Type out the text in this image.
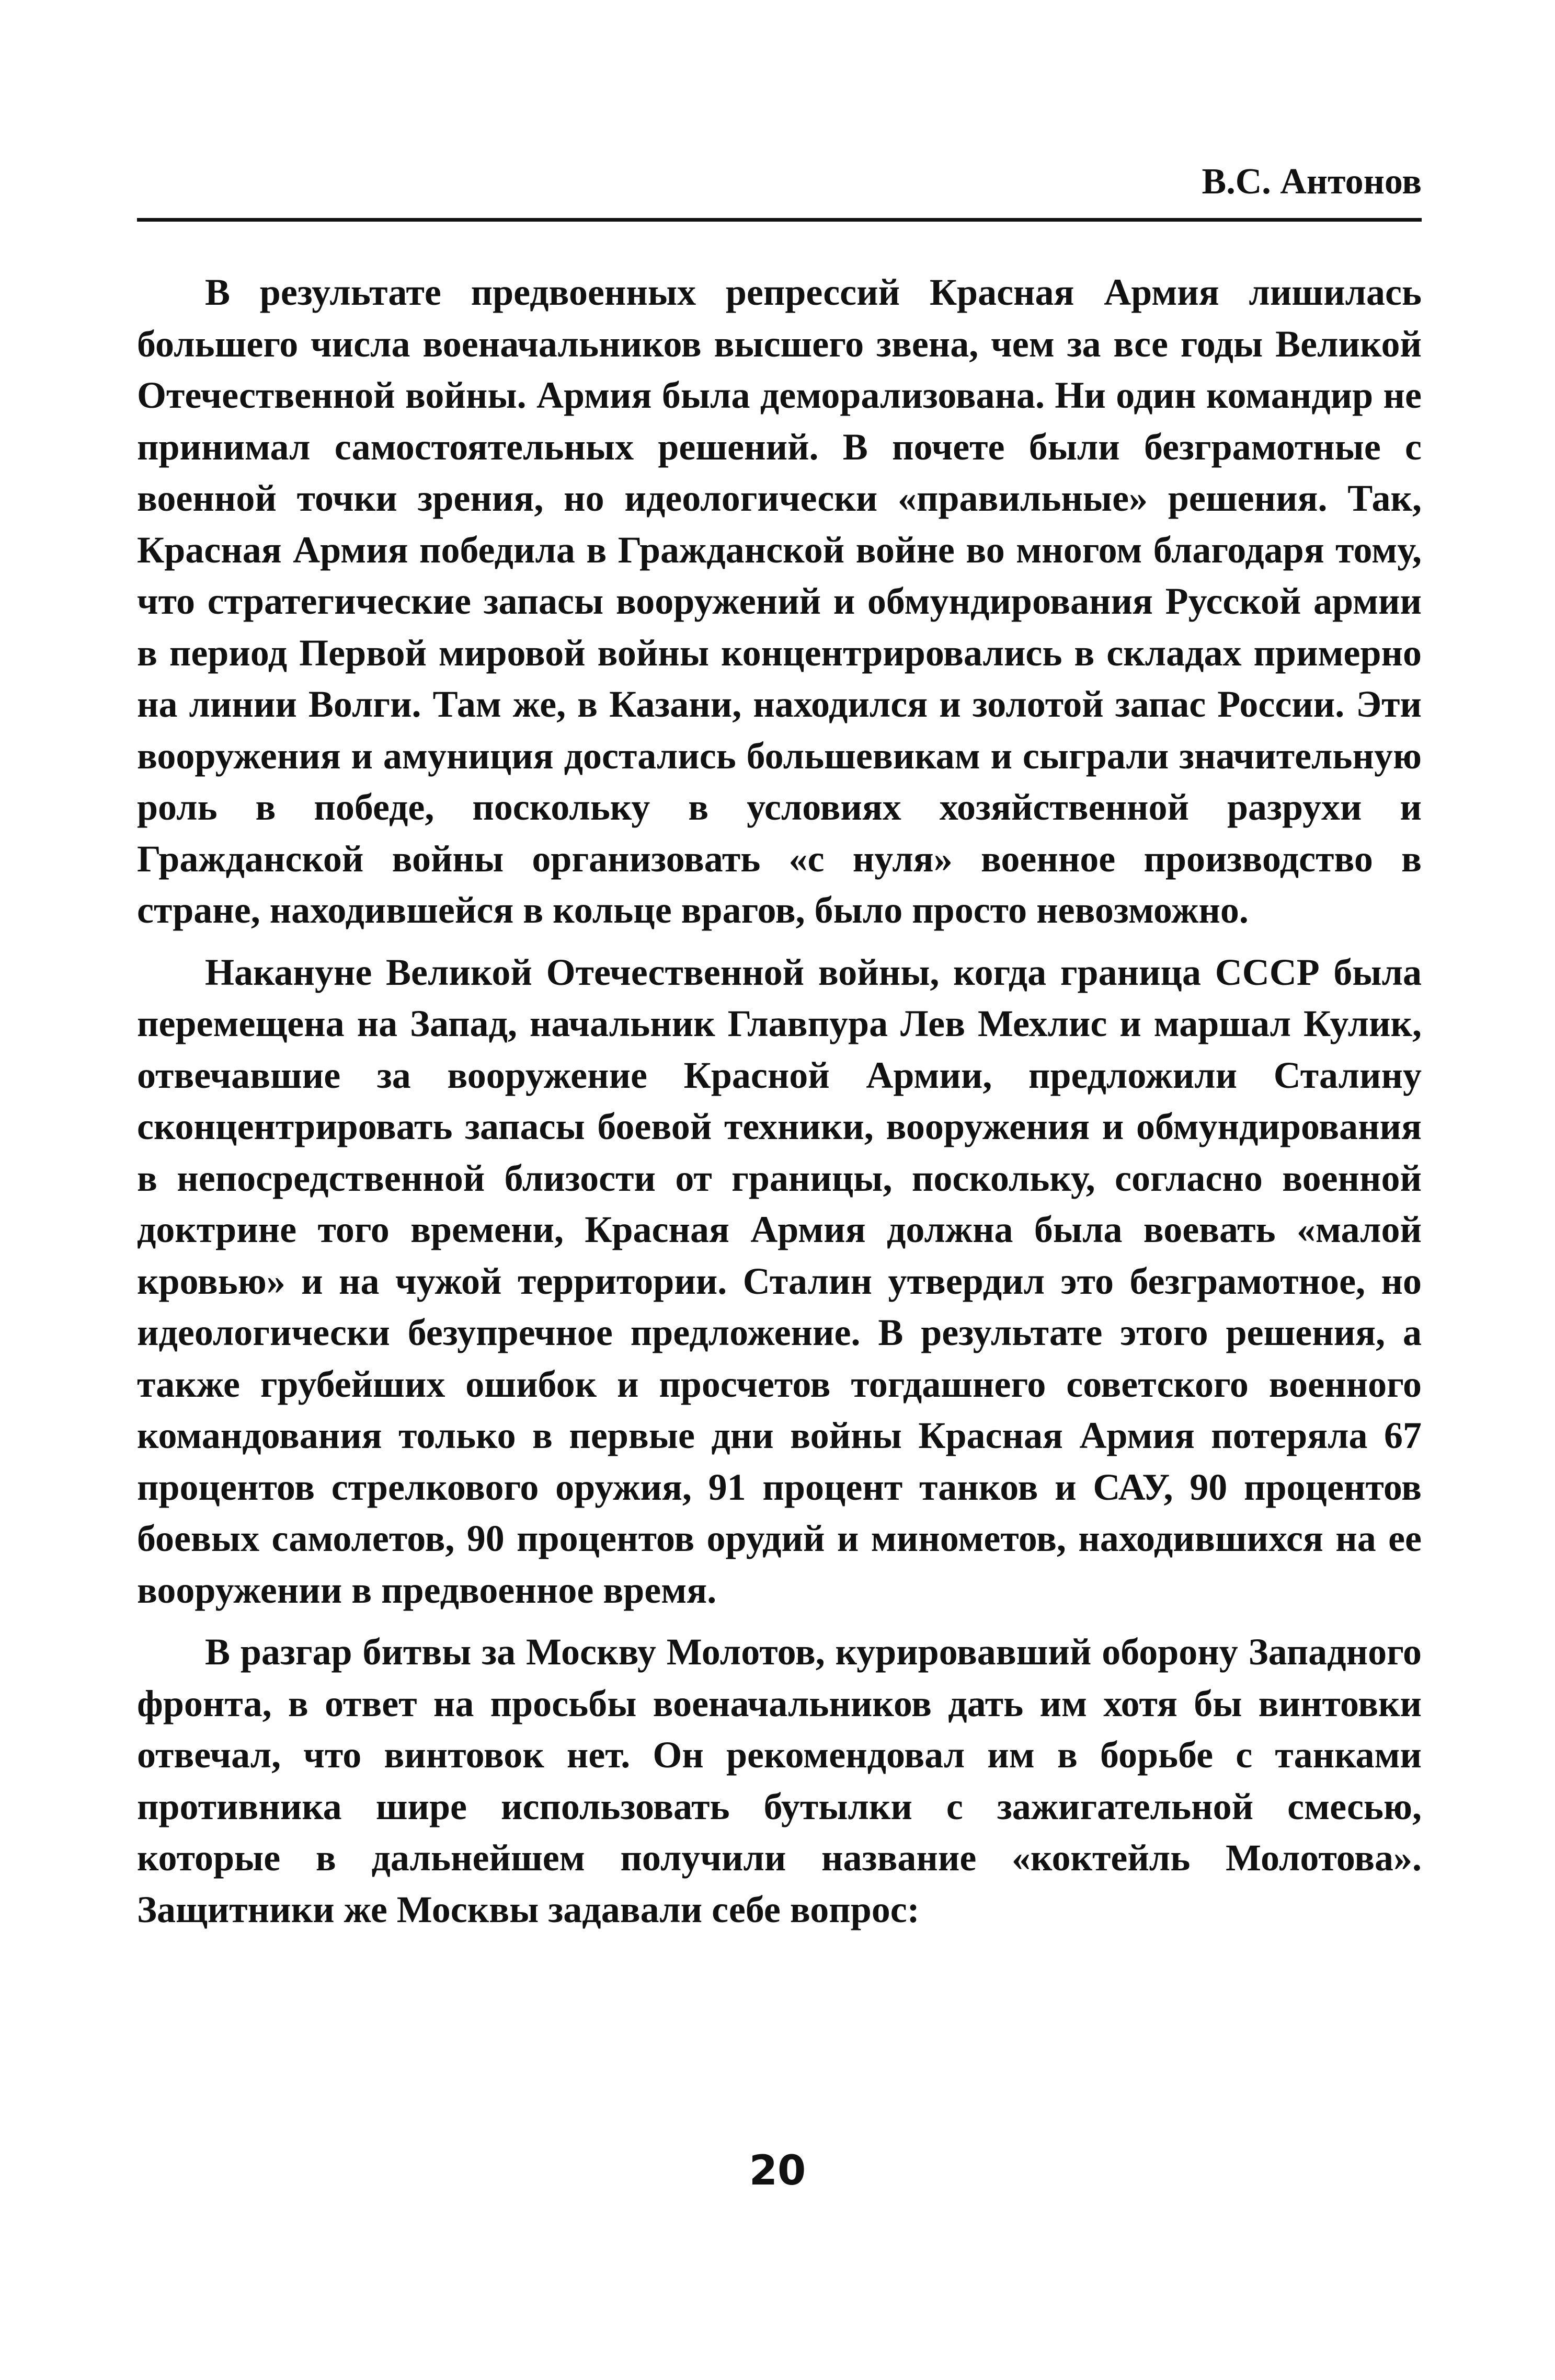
В.С. Антонов

В результате предвоенных репрессий Красная Армия лишилась большего числа военачальников высшего звена, чем за все годы Великой Отечественной войны. Армия была деморализована. Ни один командир не принимал самостоятельных решений. В почете были безграмотные с военной точки зрения, но идеологически «правильные» решения. Так, Красная Армия победила в Гражданской войне во многом благодаря тому, что стратегические запасы вооружений и обмундирования Русской армии в период Первой мировой войны концентрировались в складах примерно на линии Волги. Там же, в Казани, находился и золотой запас России. Эти вооружения и амуниция достались большевикам и сыграли значительную роль в победе, поскольку в условиях хозяйственной разрухи и Гражданской войны организовать «с нуля» военное производство в стране, находившейся в кольце врагов, было просто невозможно.

Накануне Великой Отечественной войны, когда граница СССР была перемещена на Запад, начальник Главпура Лев Мехлис и маршал Кулик, отвечавшие за вооружение Красной Армии, предложили Сталину сконцентрировать запасы боевой техники, вооружения и обмундирования в непосредственной близости от границы, поскольку, согласно военной доктрине того времени, Красная Армия должна была воевать «малой кровью» и на чужой территории. Сталин утвердил это безграмотное, но идеологически безупречное предложение. В результате этого решения, а также грубейших ошибок и просчетов тогдашнего советского военного командования только в первые дни войны Красная Армия потеряла 67 процентов стрелкового оружия, 91 процент танков и САУ, 90 процентов боевых самолетов, 90 процентов орудий и минометов, находившихся на ее вооружении в предвоенное время.

В разгар битвы за Москву Молотов, курировавший оборону Западного фронта, в ответ на просьбы военачальников дать им хотя бы винтовки отвечал, что винтовок нет. Он рекомендовал им в борьбе с танками противника шире использовать бутылки с зажигательной смесью, которые в дальнейшем получили название «коктейль Молотова». Защитники же Москвы задавали себе вопрос:

20
